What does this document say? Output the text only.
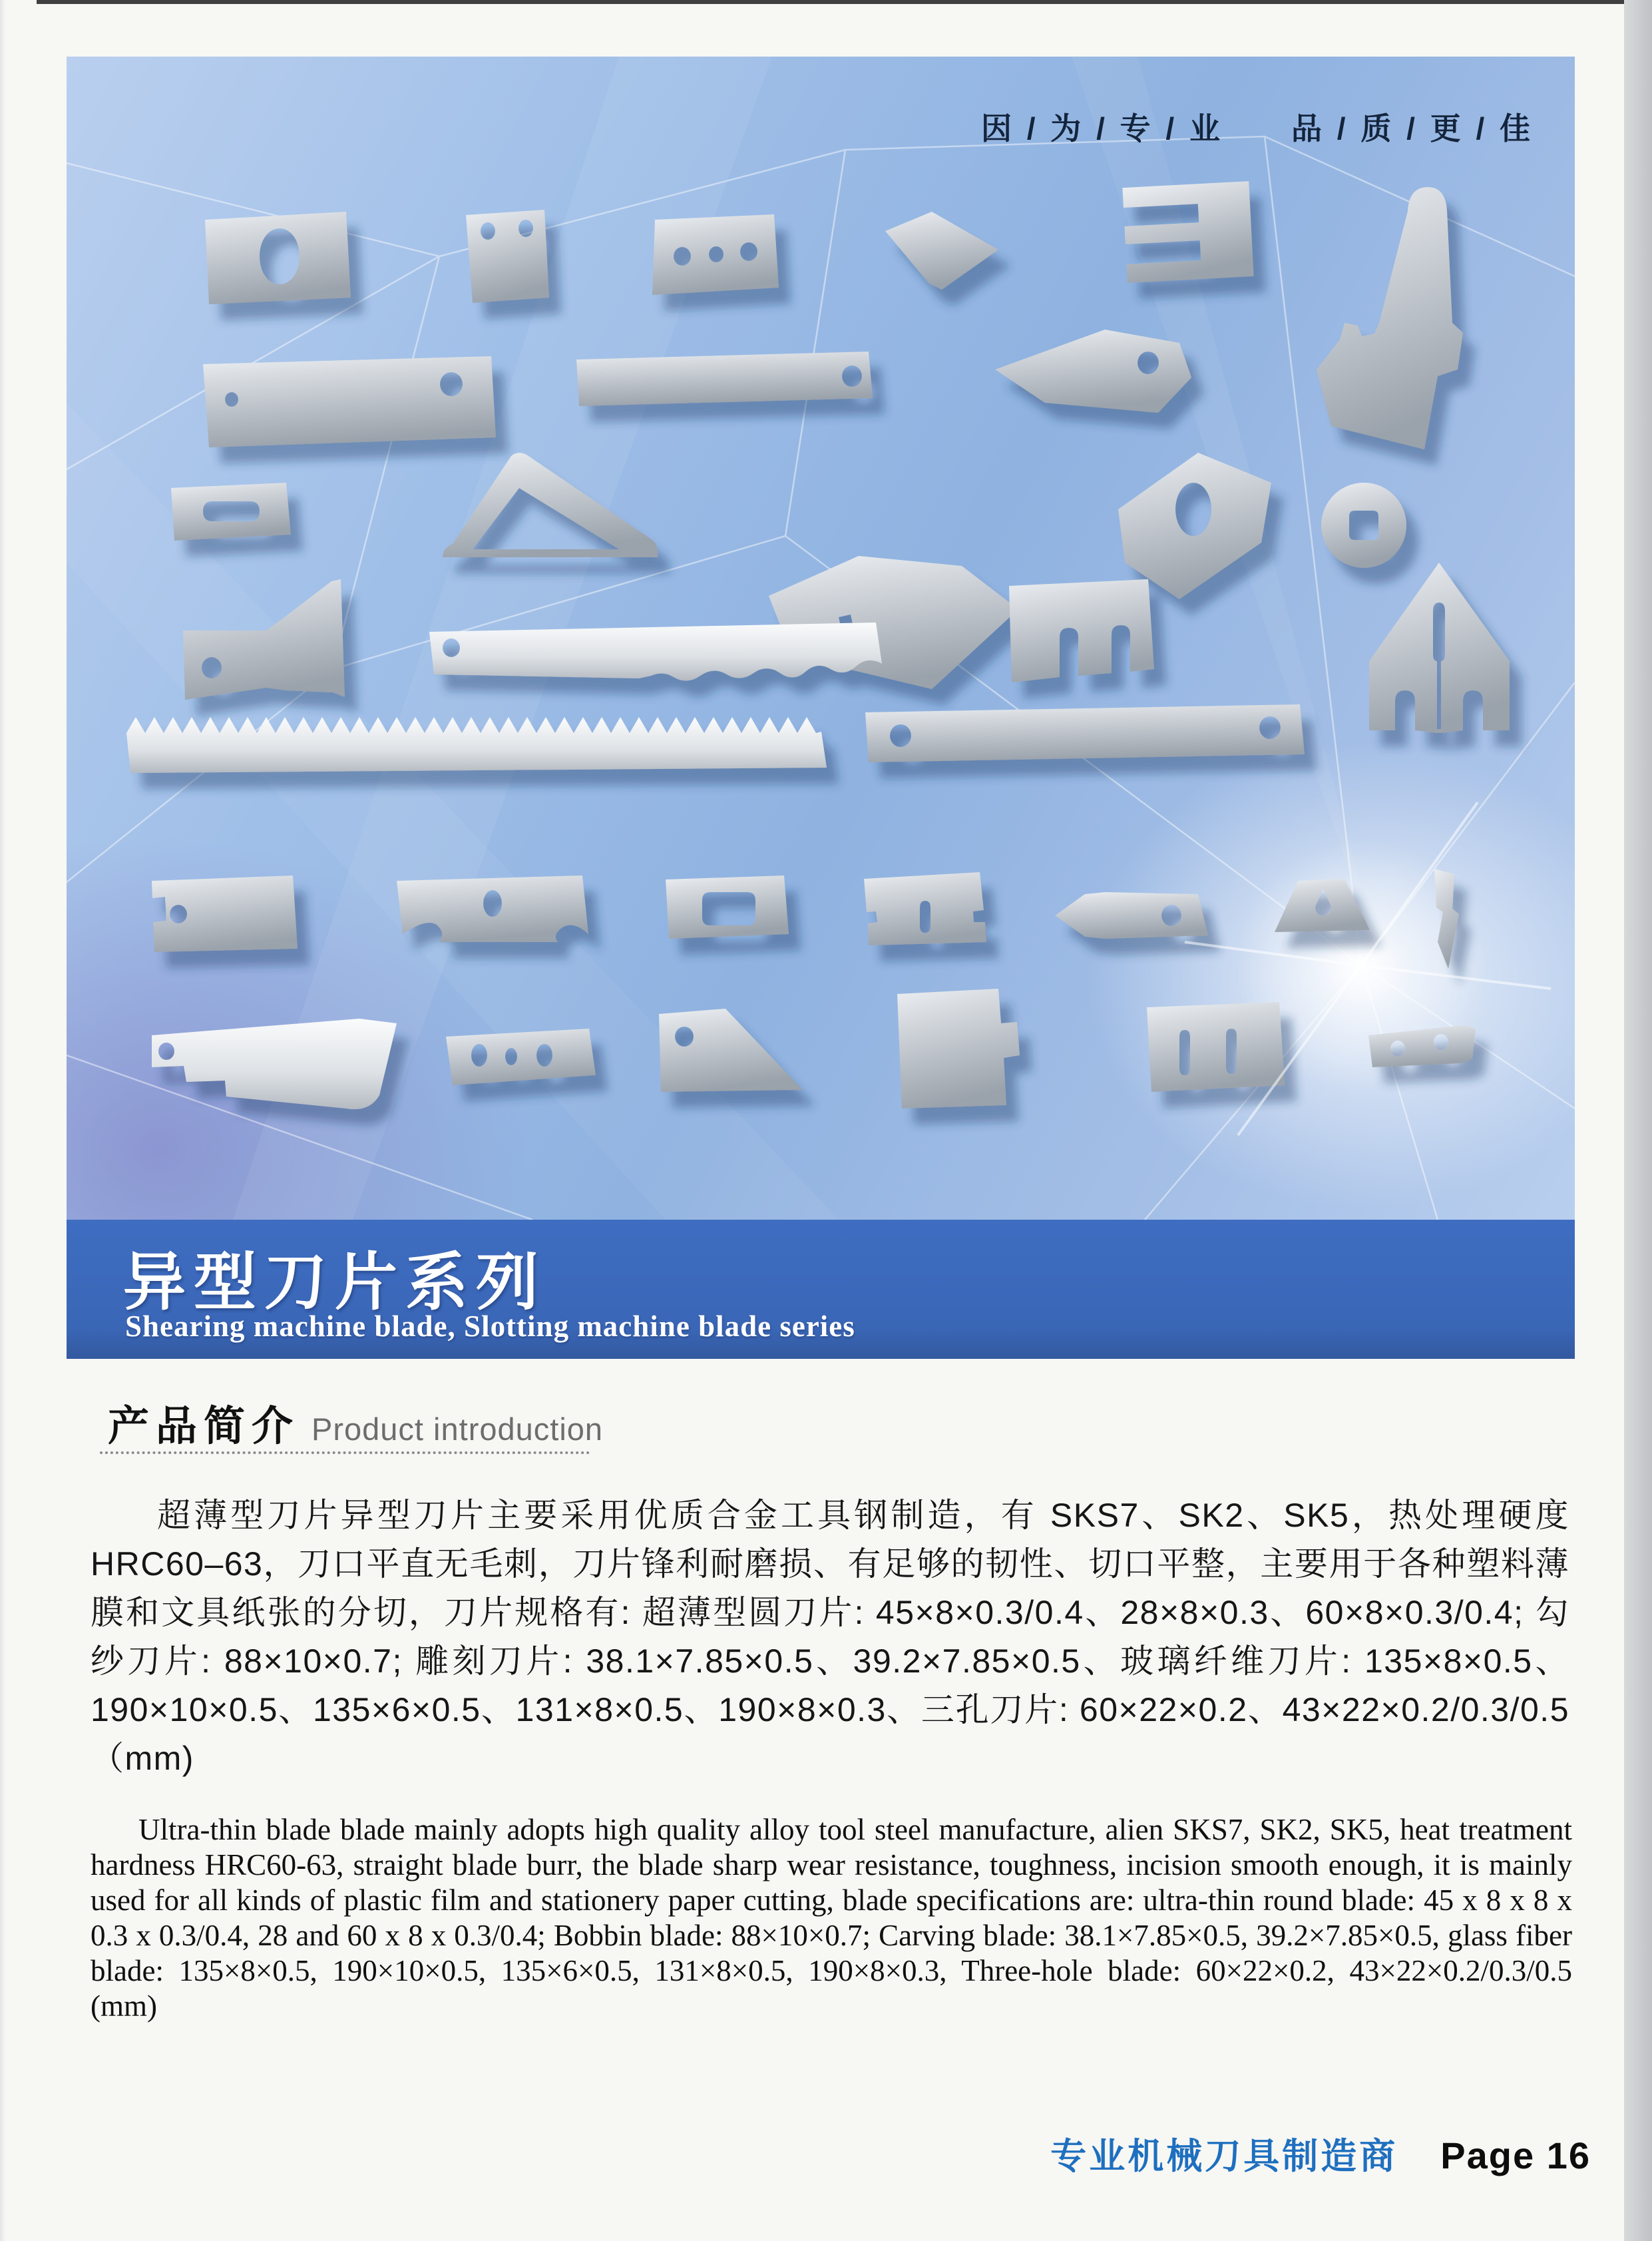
因 / 为 / 专 / 业　　品 / 质 / 更 / 佳
异型刀片系列
Shearing machine blade, Slotting machine blade series
产品简介 Product introduction
超薄型刀片异型刀片主要采用优质合金工具钢制造，有 SKS7、SK2、SK5，热处理硬度 HRC60–63，刀口平直无毛刺，刀片锋利耐磨损、有足够的韧性、切口平整，主要用于各种塑料薄膜和文具纸张的分切，刀片规格有: 超薄型圆刀片: 45×8×0.3/0.4、28×8×0.3、60×8×0.3/0.4; 勾纱刀片: 88×10×0.7; 雕刻刀片: 38.1×7.85×0.5、39.2×7.85×0.5、玻璃纤维刀片: 135×8×0.5、190×10×0.5、135×6×0.5、131×8×0.5、190×8×0.3、三孔刀片: 60×22×0.2、43×22×0.2/0.3/0.5（mm)
Ultra-thin blade blade mainly adopts high quality alloy tool steel manufacture, alien SKS7, SK2, SK5, heat treatment hardness HRC60-63, straight blade burr, the blade sharp wear resistance, toughness, incision smooth enough, it is mainly used for all kinds of plastic film and stationery paper cutting, blade specifications are: ultra-thin round blade: 45 x 8 x 8 x 0.3 x 0.3/0.4, 28 and 60 x 8 x 0.3/0.4; Bobbin blade: 88×10×0.7; Carving blade: 38.1×7.85×0.5, 39.2×7.85×0.5, glass fiber blade: 135×8×0.5, 190×10×0.5, 135×6×0.5, 131×8×0.5, 190×8×0.3, Three-hole blade: 60×22×0.2, 43×22×0.2/0.3/0.5 (mm)
专业机械刀具制造商 Page 16
